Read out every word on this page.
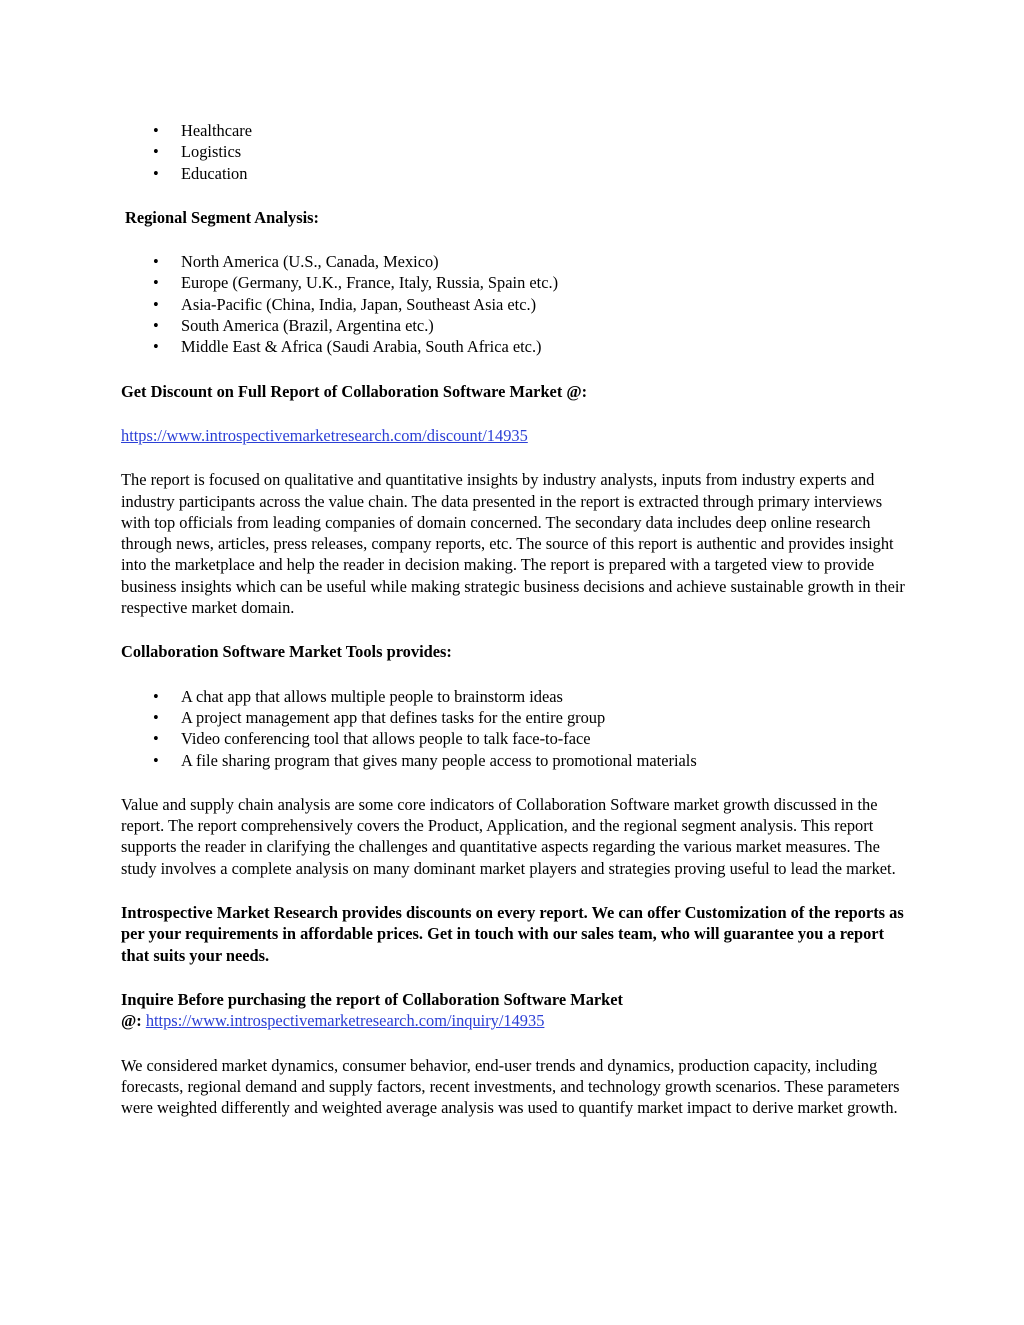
• Healthcare
• Logistics
• Education

Regional Segment Analysis:

• North America (U.S., Canada, Mexico)
• Europe (Germany, U.K., France, Italy, Russia, Spain etc.)
• Asia-Pacific (China, India, Japan, Southeast Asia etc.)
• South America (Brazil, Argentina etc.)
• Middle East & Africa (Saudi Arabia, South Africa etc.)

Get Discount on Full Report of Collaboration Software Market @:

https://www.introspectivemarketresearch.com/discount/14935

The report is focused on qualitative and quantitative insights by industry analysts, inputs from industry experts and industry participants across the value chain. The data presented in the report is extracted through primary interviews with top officials from leading companies of domain concerned. The secondary data includes deep online research through news, articles, press releases, company reports, etc. The source of this report is authentic and provides insight into the marketplace and help the reader in decision making. The report is prepared with a targeted view to provide business insights which can be useful while making strategic business decisions and achieve sustainable growth in their respective market domain.

Collaboration Software Market Tools provides:

• A chat app that allows multiple people to brainstorm ideas
• A project management app that defines tasks for the entire group
• Video conferencing tool that allows people to talk face-to-face
• A file sharing program that gives many people access to promotional materials

Value and supply chain analysis are some core indicators of Collaboration Software market growth discussed in the report. The report comprehensively covers the Product, Application, and the regional segment analysis. This report supports the reader in clarifying the challenges and quantitative aspects regarding the various market measures. The study involves a complete analysis on many dominant market players and strategies proving useful to lead the market.

Introspective Market Research provides discounts on every report. We can offer Customization of the reports as per your requirements in affordable prices. Get in touch with our sales team, who will guarantee you a report that suits your needs.

Inquire Before purchasing the report of Collaboration Software Market
@: https://www.introspectivemarketresearch.com/inquiry/14935

We considered market dynamics, consumer behavior, end-user trends and dynamics, production capacity, including forecasts, regional demand and supply factors, recent investments, and technology growth scenarios. These parameters were weighted differently and weighted average analysis was used to quantify market impact to derive market growth.
